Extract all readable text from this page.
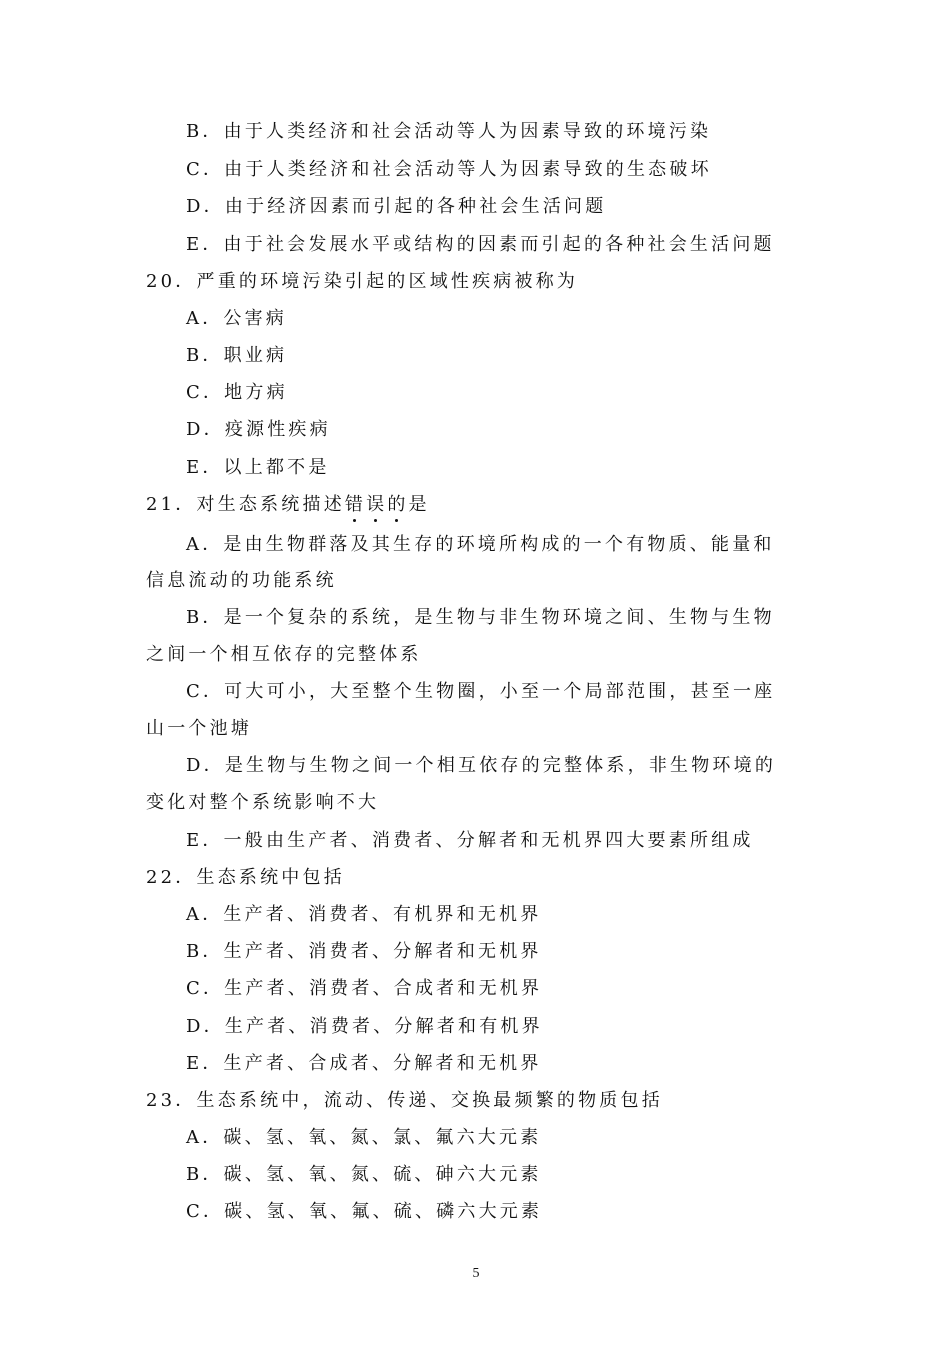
B．由于人类经济和社会活动等人为因素导致的环境污染
C．由于人类经济和社会活动等人为因素导致的生态破坏
D．由于经济因素而引起的各种社会生活问题
E．由于社会发展水平或结构的因素而引起的各种社会生活问题
20．严重的环境污染引起的区域性疾病被称为
A．公害病
B．职业病
C．地方病
D．疫源性疾病
E．以上都不是
21．对生态系统描述错
误
的
是
A．是由生物群落及其生存的环境所构成的一个有物质、能量和
信息流动的功能系统
B．是一个复杂的系统，是生物与非生物环境之间、生物与生物
之间一个相互依存的完整体系
C．可大可小，大至整个生物圈，小至一个局部范围，甚至一座
山一个池塘
D．是生物与生物之间一个相互依存的完整体系，非生物环境的
变化对整个系统影响不大
E．一般由生产者、消费者、分解者和无机界四大要素所组成
22．生态系统中包括
A．生产者、消费者、有机界和无机界
B．生产者、消费者、分解者和无机界
C．生产者、消费者、合成者和无机界
D．生产者、消费者、分解者和有机界
E．生产者、合成者、分解者和无机界
23．生态系统中，流动、传递、交换最频繁的物质包括
A．碳、氢、氧、氮、氯、氟六大元素
B．碳、氢、氧、氮、硫、砷六大元素
C．碳、氢、氧、氟、硫、磷六大元素
5
